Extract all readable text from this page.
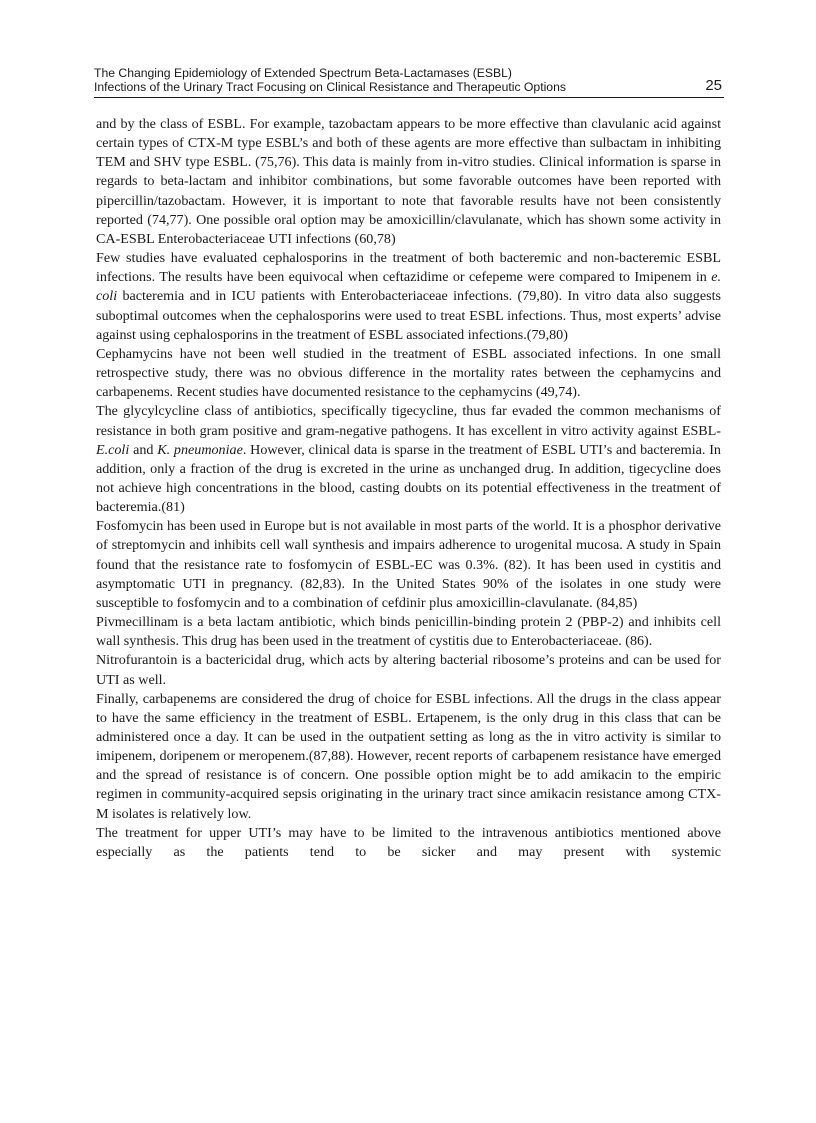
The Changing Epidemiology of Extended Spectrum Beta-Lactamases (ESBL)
Infections of the Urinary Tract Focusing on Clinical Resistance and Therapeutic Options	25

and by the class of ESBL. For example, tazobactam appears to be more effective than clavulanic acid against certain types of CTX-M type ESBL’s and both of these agents are more effective than sulbactam in inhibiting TEM and SHV type ESBL. (75,76). This data is mainly from in-vitro studies. Clinical information is sparse in regards to beta-lactam and inhibitor combinations, but some favorable outcomes have been reported with pipercillin/tazobactam. However, it is important to note that favorable results have not been consistently reported (74,77). One possible oral option may be amoxicillin/clavulanate, which has shown some activity in CA-ESBL Enterobacteriaceae UTI infections (60,78)

Few studies have evaluated cephalosporins in the treatment of both bacteremic and non-bacteremic ESBL infections. The results have been equivocal when ceftazidime or cefepeme were compared to Imipenem in e. coli bacteremia and in ICU patients with Enterobacteriaceae infections. (79,80). In vitro data also suggests suboptimal outcomes when the cephalosporins were used to treat ESBL infections. Thus, most experts’ advise against using cephalosporins in the treatment of ESBL associated infections.(79,80)

Cephamycins have not been well studied in the treatment of ESBL associated infections. In one small retrospective study, there was no obvious difference in the mortality rates between the cephamycins and carbapenems. Recent studies have documented resistance to the cephamycins (49,74).

The glycylcycline class of antibiotics, specifically tigecycline, thus far evaded the common mechanisms of resistance in both gram positive and gram-negative pathogens. It has excellent in vitro activity against ESBL-E.coli and K. pneumoniae. However, clinical data is sparse in the treatment of ESBL UTI’s and bacteremia. In addition, only a fraction of the drug is excreted in the urine as unchanged drug. In addition, tigecycline does not achieve high concentrations in the blood, casting doubts on its potential effectiveness in the treatment of bacteremia.(81)

Fosfomycin has been used in Europe but is not available in most parts of the world. It is a phosphor derivative of streptomycin and inhibits cell wall synthesis and impairs adherence to urogenital mucosa. A study in Spain found that the resistance rate to fosfomycin of ESBL-EC was 0.3%. (82). It has been used in cystitis and asymptomatic UTI in pregnancy. (82,83). In the United States 90% of the isolates in one study were susceptible to fosfomycin and to a combination of cefdinir plus amoxicillin-clavulanate. (84,85)

Pivmecillinam is a beta lactam antibiotic, which binds penicillin-binding protein 2 (PBP-2) and inhibits cell wall synthesis. This drug has been used in the treatment of cystitis due to Enterobacteriaceae. (86).

Nitrofurantoin is a bactericidal drug, which acts by altering bacterial ribosome’s proteins and can be used for UTI as well.

Finally, carbapenems are considered the drug of choice for ESBL infections. All the drugs in the class appear to have the same efficiency in the treatment of ESBL. Ertapenem, is the only drug in this class that can be administered once a day. It can be used in the outpatient setting as long as the in vitro activity is similar to imipenem, doripenem or meropenem.(87,88). However, recent reports of carbapenem resistance have emerged and the spread of resistance is of concern. One possible option might be to add amikacin to the empiric regimen in community-acquired sepsis originating in the urinary tract since amikacin resistance among CTX-M isolates is relatively low.

The treatment for upper UTI’s may have to be limited to the intravenous antibiotics mentioned above especially as the patients tend to be sicker and may present with systemic
